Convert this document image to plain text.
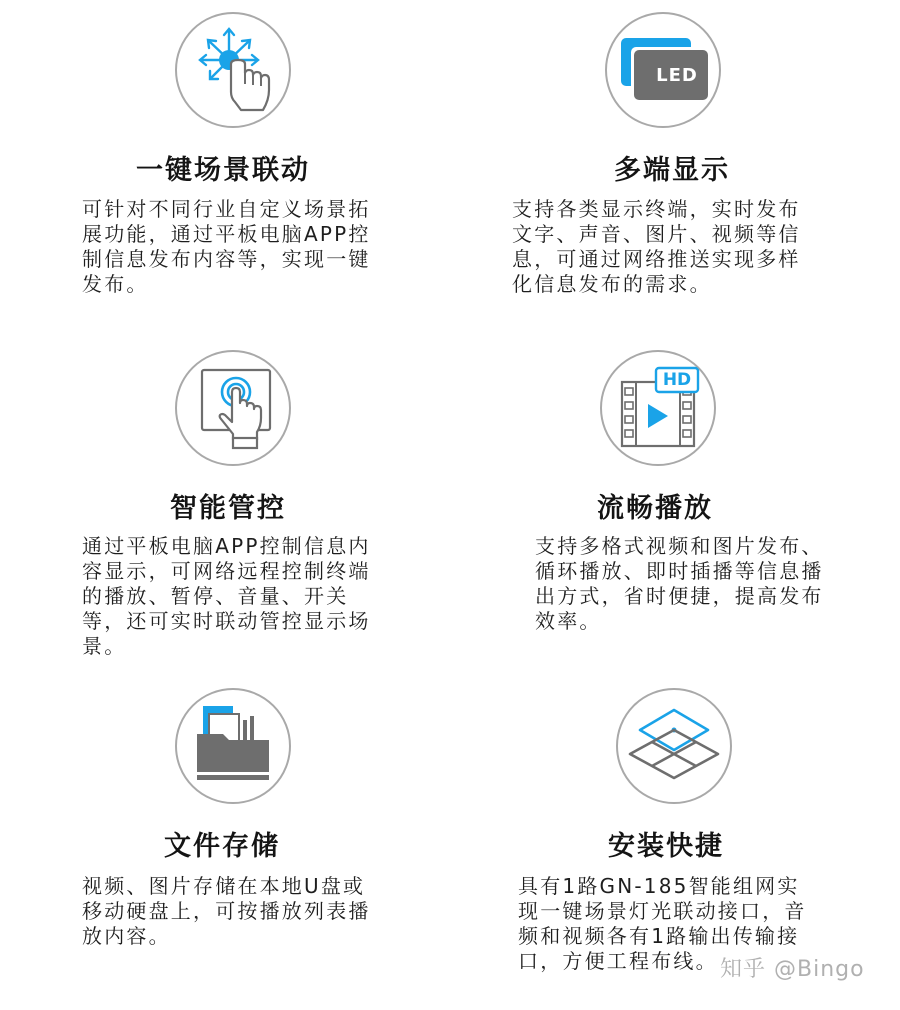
一键场景联动
可针对不同行业自定义场景拓展功能，通过平板电脑APP控制信息发布内容等，实现一键发布。
LED
多端显示
支持各类显示终端，实时发布文字、声音、图片、视频等信息，可通过网络推送实现多样化信息发布的需求。
智能管控
通过平板电脑APP控制信息内容显示，可网络远程控制终端的播放、暂停、音量、开关等，还可实时联动管控显示场景。
HD
流畅播放
支持多格式视频和图片发布、循环播放、即时插播等信息播出方式，省时便捷，提高发布效率。
文件存储
视频、图片存储在本地U盘或移动硬盘上，可按播放列表播放内容。
安装快捷
具有1路GN-185智能组网实现一键场景灯光联动接口，音频和视频各有1路输出传输接口，方便工程布线。 知乎 @Bingo
